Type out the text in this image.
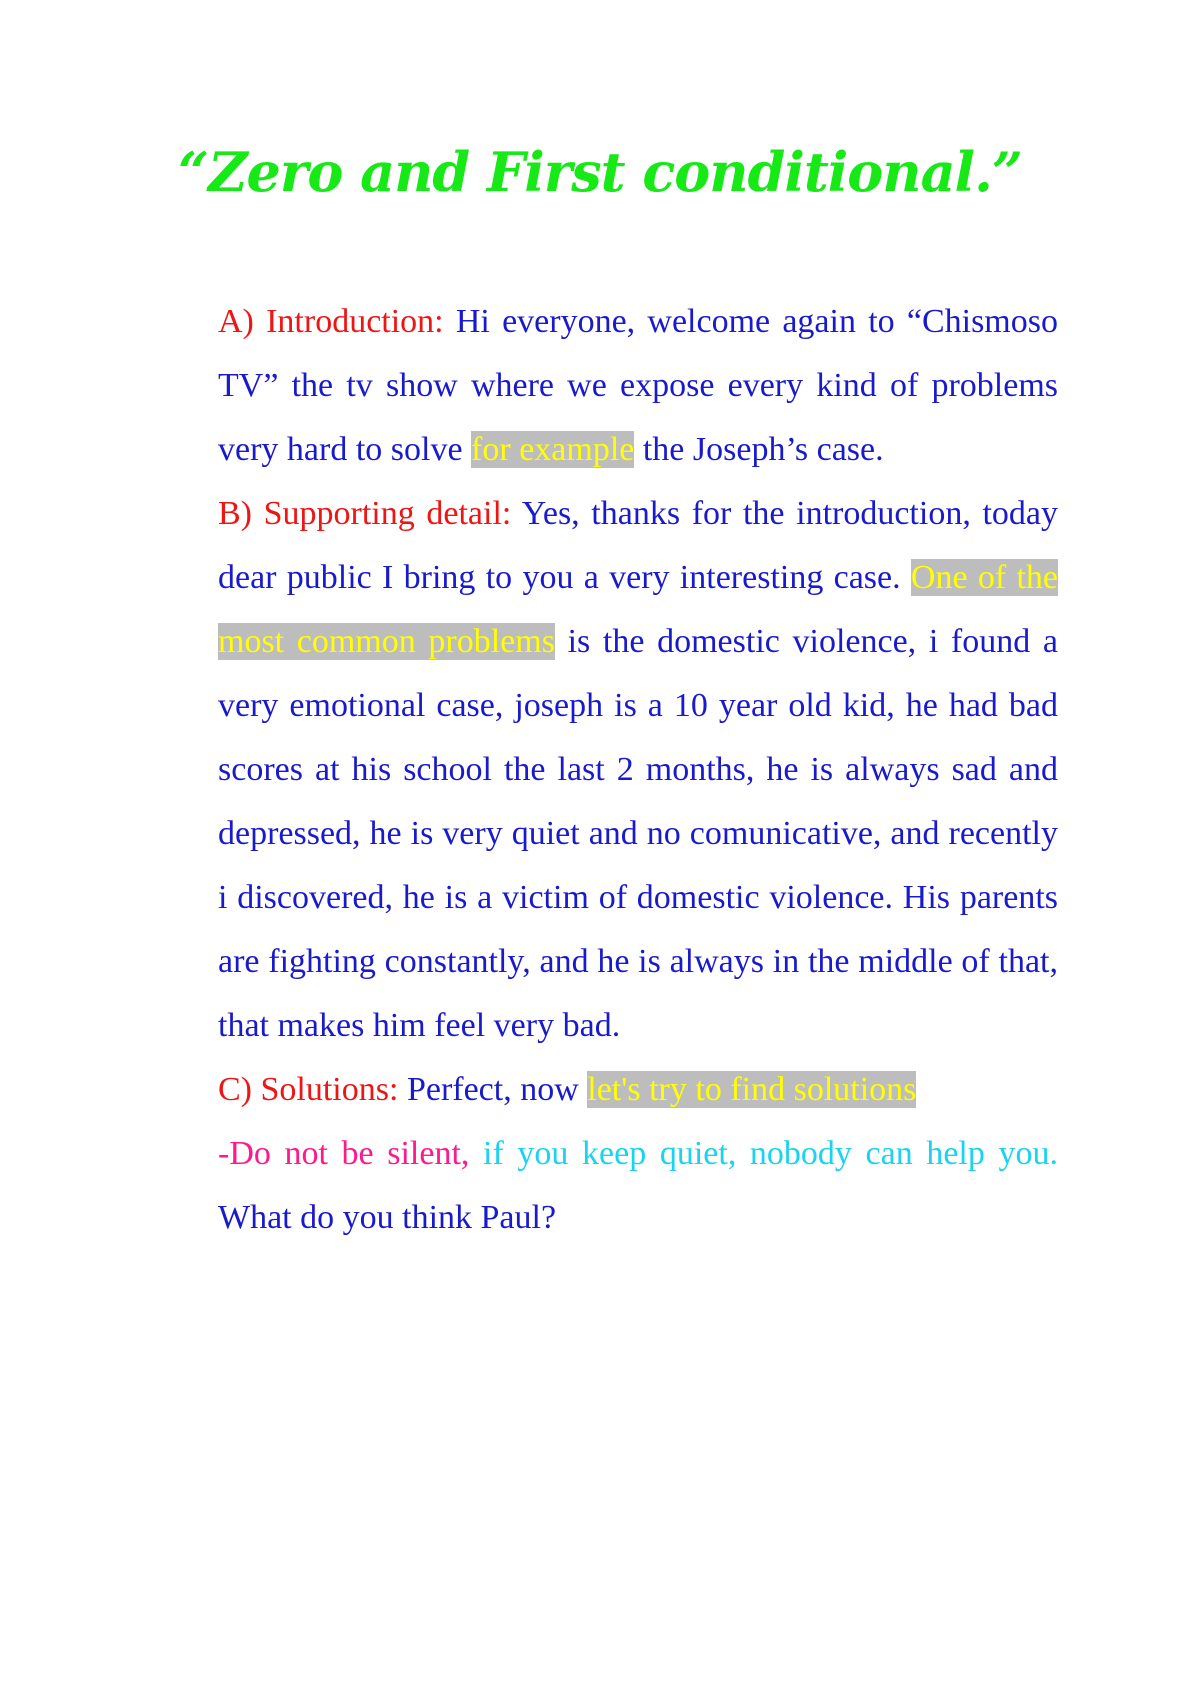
“Zero and First conditional.”

A) Introduction: Hi everyone, welcome again to “Chismoso TV” the tv show where we expose every kind of problems very hard to solve for example the Joseph’s case.

B) Supporting detail: Yes, thanks for the introduction, today dear public I bring to you a very interesting case. One of the most common problems is the domestic violence, i found a very emotional case, joseph is a 10 year old kid, he had bad scores at his school the last 2 months, he is always sad and depressed, he is very quiet and no comunicative, and recently i discovered, he is a victim of domestic violence. His parents are fighting constantly, and he is always in the middle of that, that makes him feel very bad.

C) Solutions: Perfect, now let's try to find solutions

-Do not be silent, if you keep quiet, nobody can help you. What do you think Paul?
